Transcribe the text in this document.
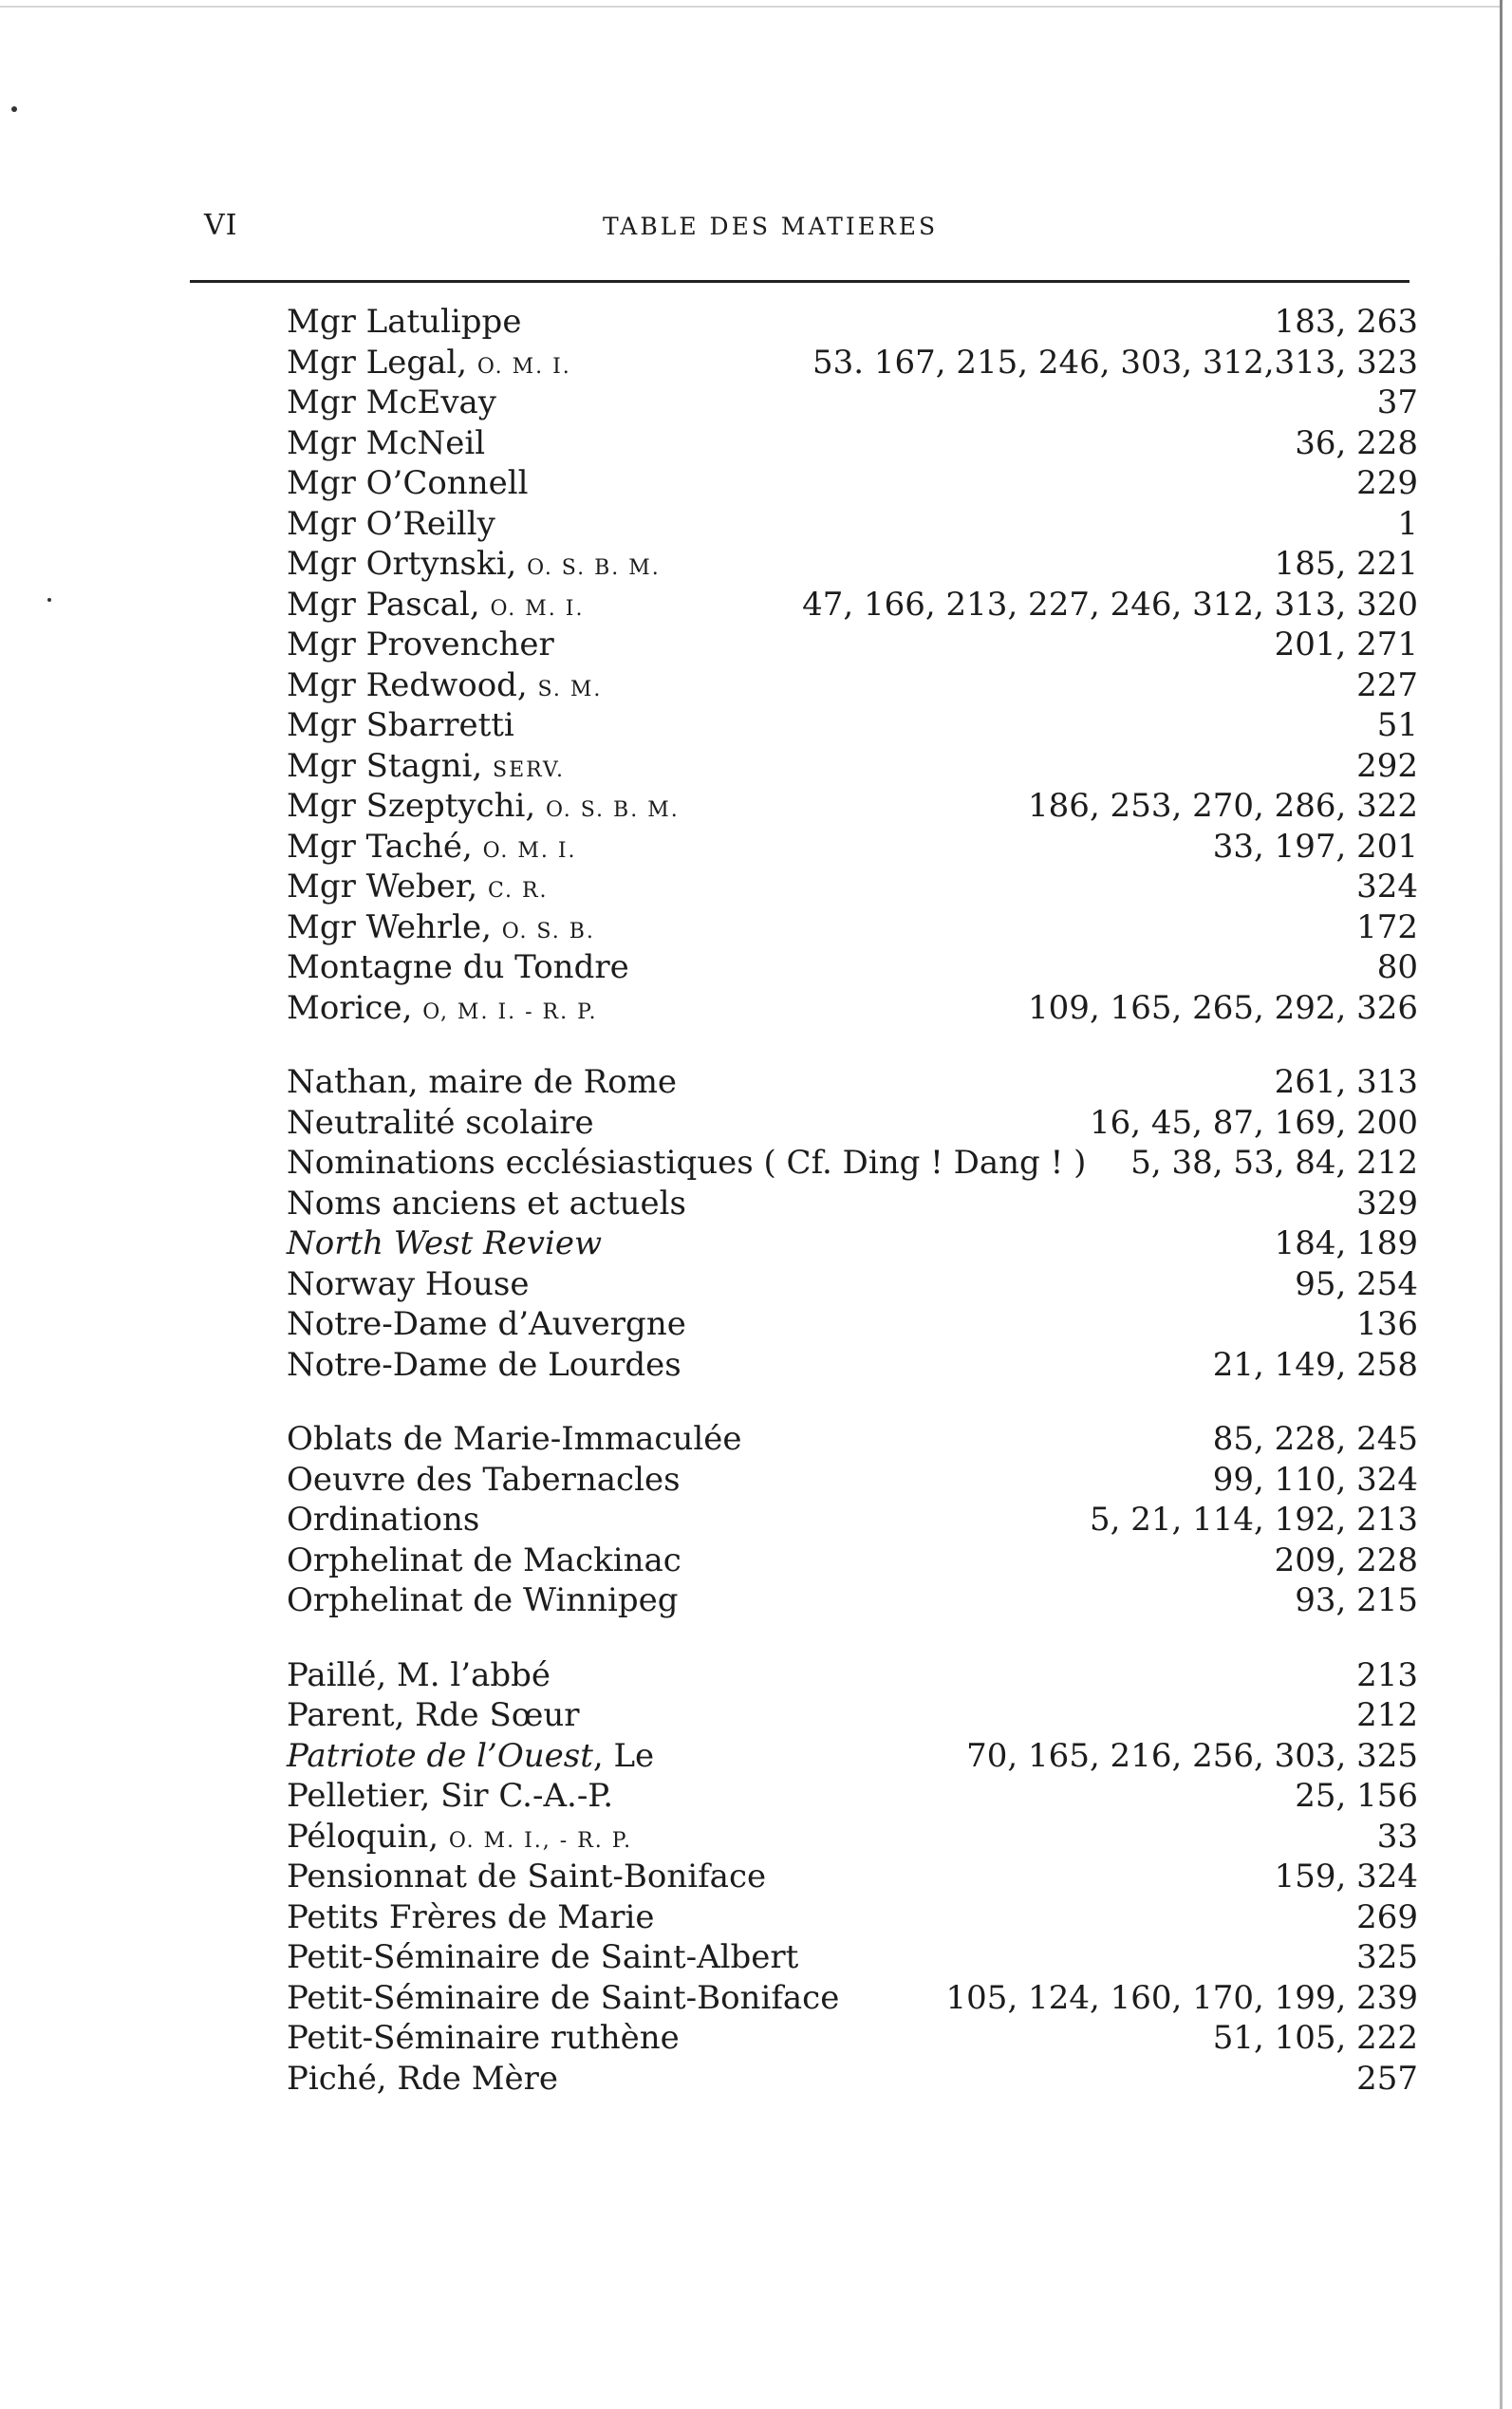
VI	TABLE DES MATIERES
Mgr Latulippe	183, 263
Mgr Legal, O. M. I.	53. 167, 215, 246, 303, 312,313, 323
Mgr McEvay	37
Mgr McNeil	36, 228
Mgr O’Connell	229
Mgr O’Reilly	1
Mgr Ortynski, O. S. B. M.	185, 221
Mgr Pascal, O. M. I.	47, 166, 213, 227, 246, 312, 313, 320
Mgr Provencher	201, 271
Mgr Redwood, S. M.	227
Mgr Sbarretti	51
Mgr Stagni, SERV.	292
Mgr Szeptychi, O. S. B. M.	186, 253, 270, 286, 322
Mgr Taché, O. M. I.	33, 197, 201
Mgr Weber, C. R.	324
Mgr Wehrle, O. S. B.	172
Montagne du Tondre	80
Morice, O, M. I. - R. P.	109, 165, 265, 292, 326
Nathan, maire de Rome	261, 313
Neutralité scolaire	16, 45, 87, 169, 200
Nominations ecclésiastiques ( Cf. Ding ! Dang ! ) 5, 38, 53, 84, 212
Noms anciens et actuels	329
North West Review	184, 189
Norway House	95, 254
Notre-Dame d’Auvergne	136
Notre-Dame de Lourdes	21, 149, 258
Oblats de Marie-Immaculée	85, 228, 245
Oeuvre des Tabernacles	99, 110, 324
Ordinations	5, 21, 114, 192, 213
Orphelinat de Mackinac	209, 228
Orphelinat de Winnipeg	93, 215
Paillé, M. l’abbé	213
Parent, Rde Sœur	212
Patriote de l’Ouest, Le	70, 165, 216, 256, 303, 325
Pelletier, Sir C.-A.-P.	25, 156
Péloquin, O. M. I., - R. P.	33
Pensionnat de Saint-Boniface	159, 324
Petits Frères de Marie	269
Petit-Séminaire de Saint-Albert	325
Petit-Séminaire de Saint-Boniface	105, 124, 160, 170, 199, 239
Petit-Séminaire ruthène	51, 105, 222
Piché, Rde Mère	257
